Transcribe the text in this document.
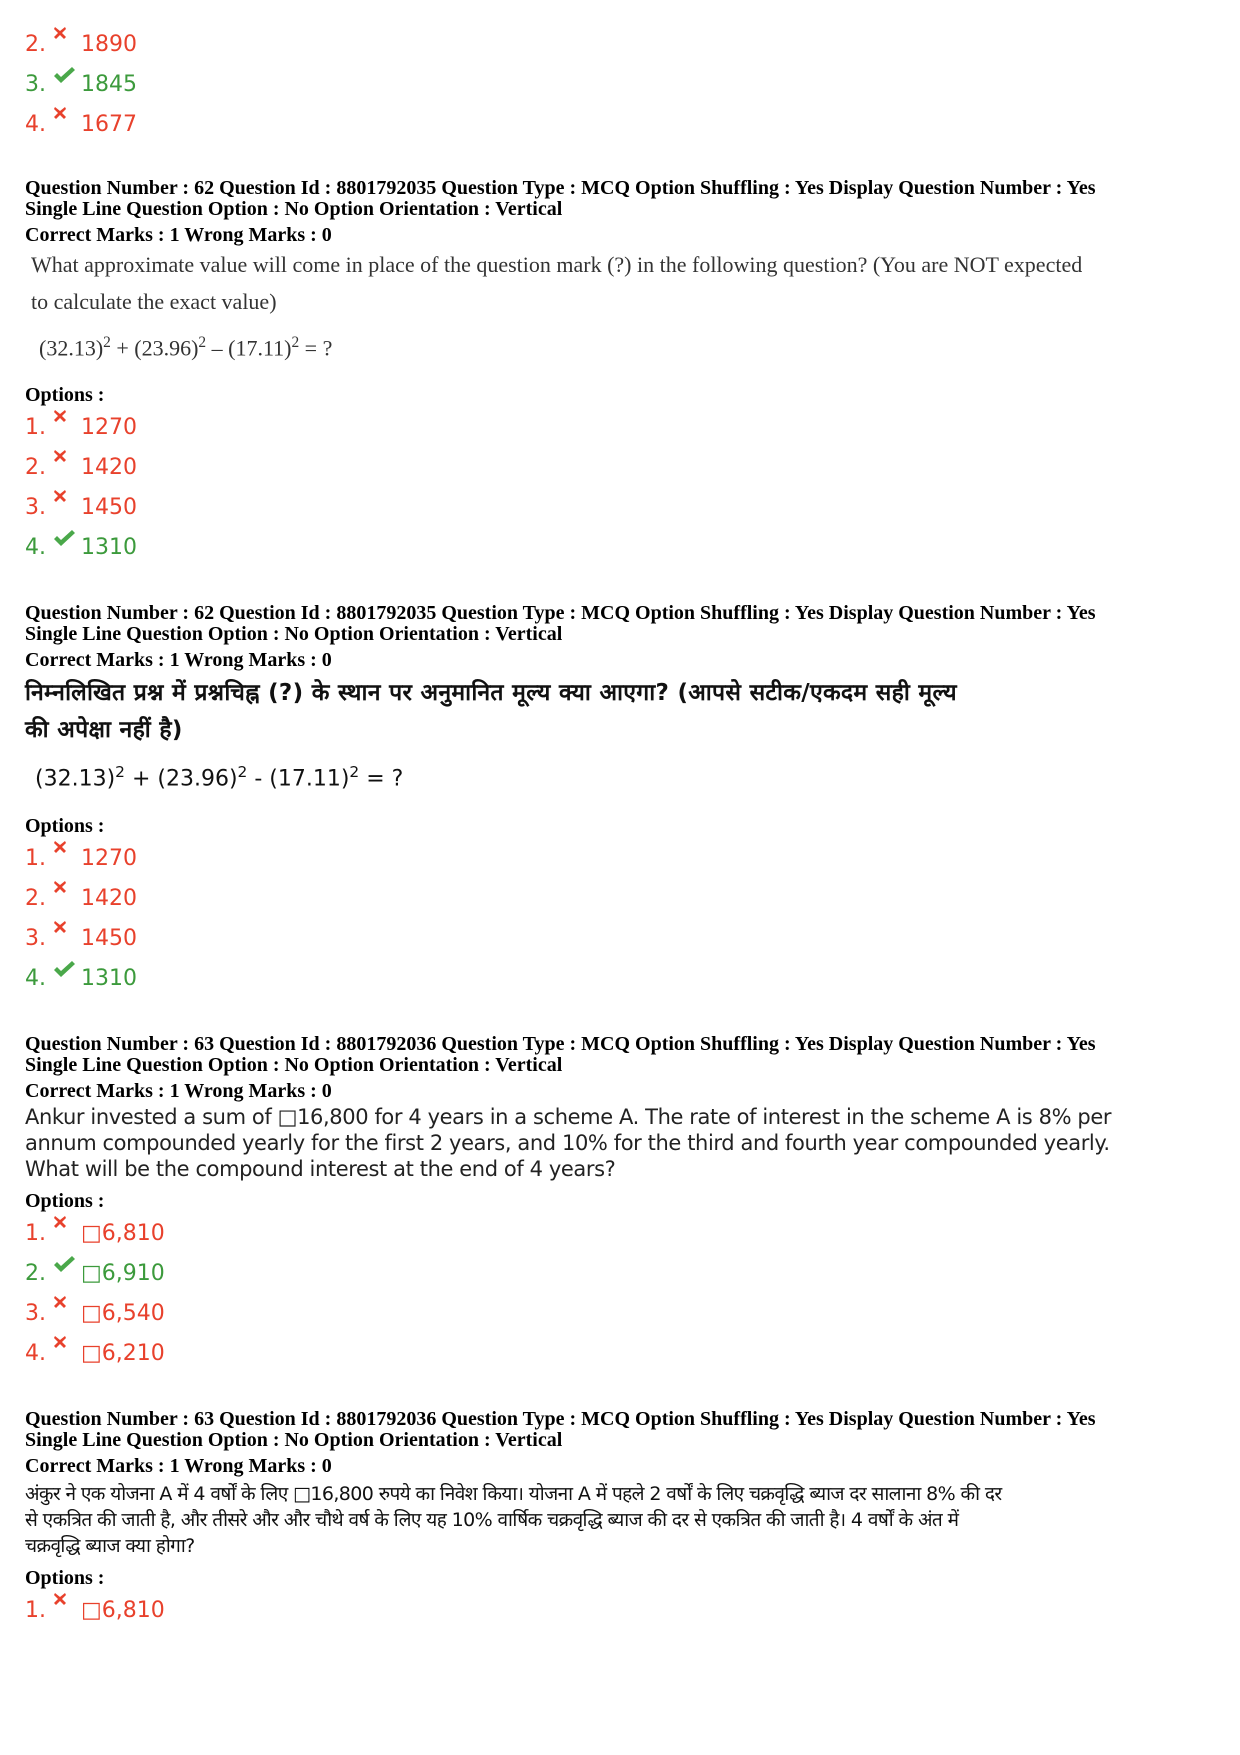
2. 1890
3. 1845
4. 1677
Question Number : 62 Question Id : 8801792035 Question Type : MCQ Option Shuffling : Yes Display Question Number : Yes
Single Line Question Option : No Option Orientation : Vertical
Correct Marks : 1 Wrong Marks : 0
What approximate value will come in place of the question mark (?) in the following question? (You are NOT expected
to calculate the exact value)
$(32.13)^2 + (23.96)^2 - (17.11)^2$ = ?
Options :
1. 1270
2. 1420
3. 1450
4. 1310
Question Number : 62 Question Id : 8801792035 Question Type : MCQ Option Shuffling : Yes Display Question Number : Yes
Single Line Question Option : No Option Orientation : Vertical
Correct Marks : 1 Wrong Marks : 0
निम्नलिखित प्रश्न में प्रश्नचिह्न (?) के स्थान पर अनुमानित मूल्य क्या आएगा? (आपसे सटीक/एकदम सही मूल्य
की अपेक्षा नहीं है)
$(32.13)^2 + (23.96)^2 - (17.11)^2$ = ?
Options :
1. 1270
2. 1420
3. 1450
4. 1310
Question Number : 63 Question Id : 8801792036 Question Type : MCQ Option Shuffling : Yes Display Question Number : Yes
Single Line Question Option : No Option Orientation : Vertical
Correct Marks : 1 Wrong Marks : 0
Ankur invested a sum of □16,800 for 4 years in a scheme A. The rate of interest in the scheme A is 8% per
annum compounded yearly for the first 2 years, and 10% for the third and fourth year compounded yearly.
What will be the compound interest at the end of 4 years?
Options :
1. □6,810
2. □6,910
3. □6,540
4. □6,210
Question Number : 63 Question Id : 8801792036 Question Type : MCQ Option Shuffling : Yes Display Question Number : Yes
Single Line Question Option : No Option Orientation : Vertical
Correct Marks : 1 Wrong Marks : 0
अंकुर ने एक योजना A में 4 वर्षों के लिए □16,800 रुपये का निवेश किया। योजना A में पहले 2 वर्षों के लिए चक्रवृद्धि ब्याज दर सालाना 8% की दर
से एकत्रित की जाती है, और तीसरे और और चौथे वर्ष के लिए यह 10% वार्षिक चक्रवृद्धि ब्याज की दर से एकत्रित की जाती है। 4 वर्षों के अंत में
चक्रवृद्धि ब्याज क्या होगा?
Options :
1. □6,810
